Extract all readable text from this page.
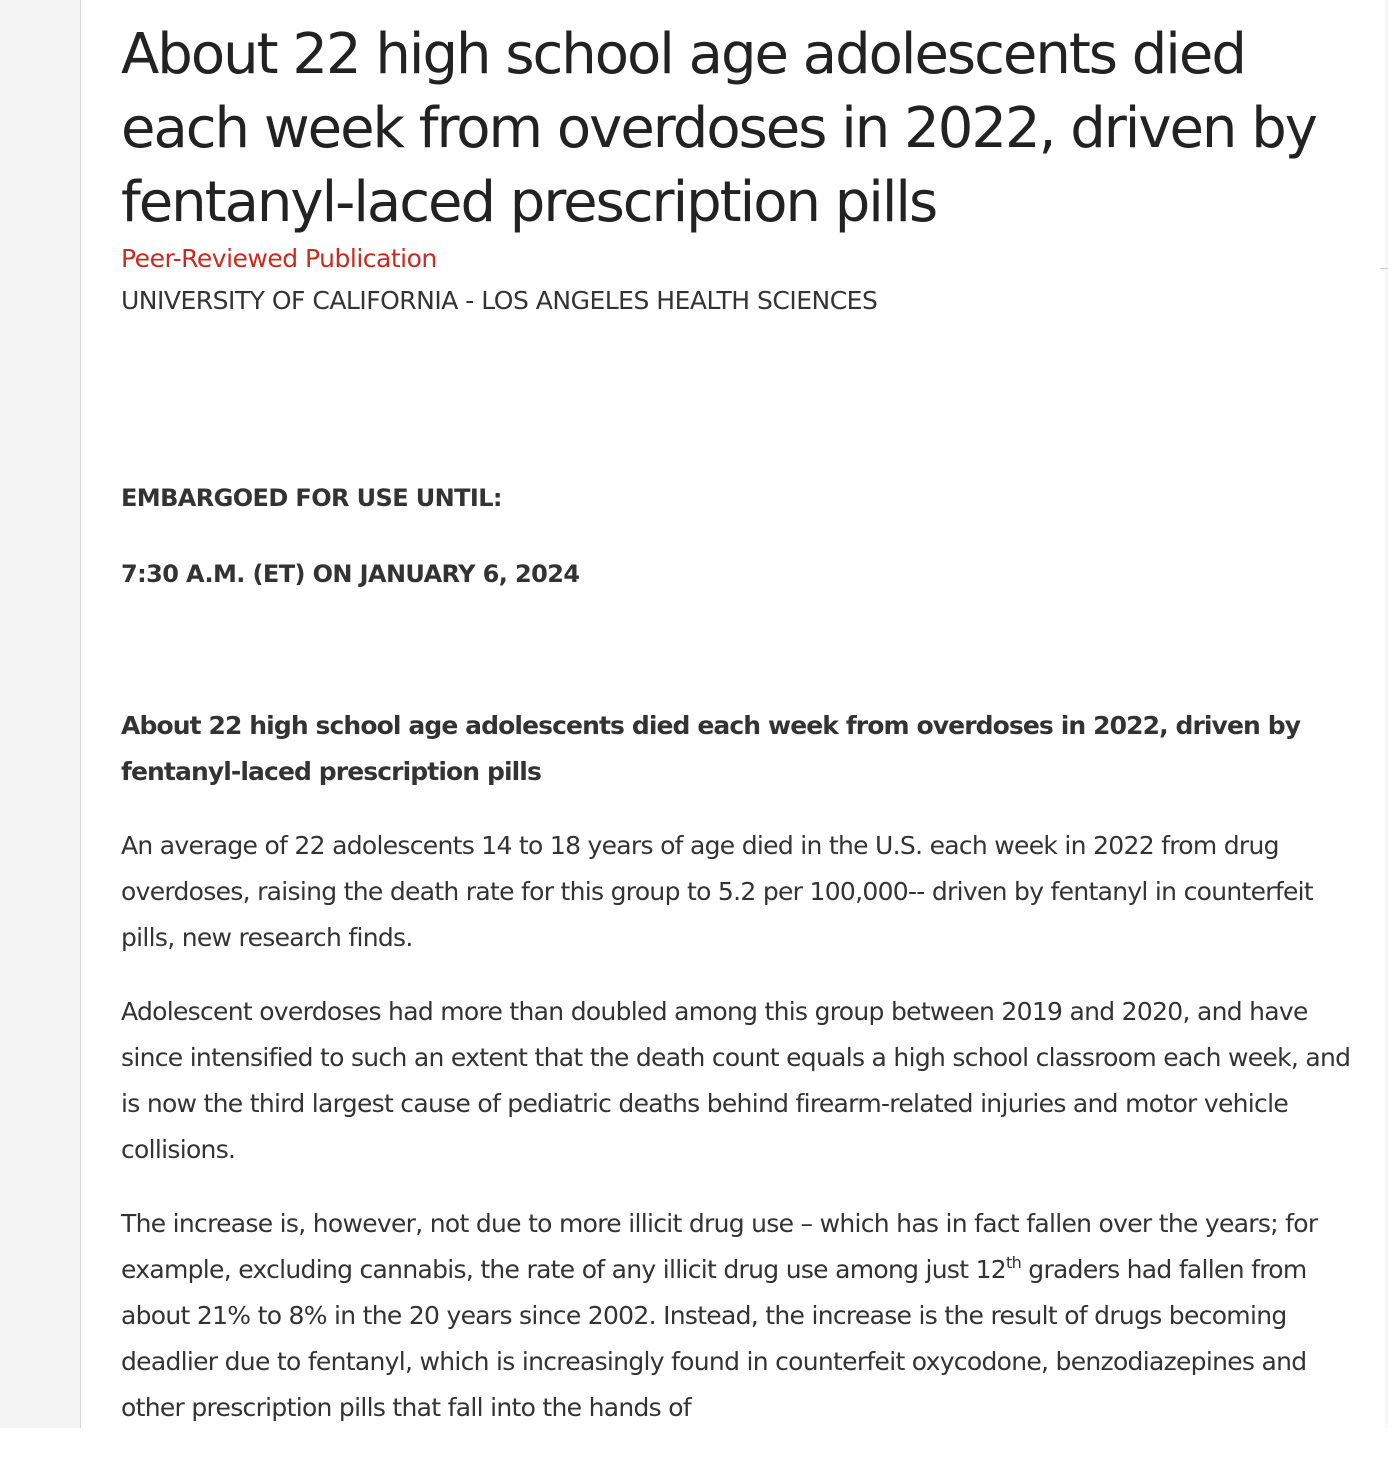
About 22 high school age adolescents died each week from overdoses in 2022, driven by fentanyl-laced prescription pills
Peer-Reviewed Publication
UNIVERSITY OF CALIFORNIA - LOS ANGELES HEALTH SCIENCES

EMBARGOED FOR USE UNTIL:

7:30 A.M. (ET) ON JANUARY 6, 2024

About 22 high school age adolescents died each week from overdoses in 2022, driven by fentanyl-laced prescription pills

An average of 22 adolescents 14 to 18 years of age died in the U.S. each week in 2022 from drug overdoses, raising the death rate for this group to 5.2 per 100,000-- driven by fentanyl in counterfeit pills, new research finds.

Adolescent overdoses had more than doubled among this group between 2019 and 2020, and have since intensified to such an extent that the death count equals a high school classroom each week, and is now the third largest cause of pediatric deaths behind firearm-related injuries and motor vehicle collisions.

The increase is, however, not due to more illicit drug use – which has in fact fallen over the years; for example, excluding cannabis, the rate of any illicit drug use among just 12th graders had fallen from about 21% to 8% in the 20 years since 2002. Instead, the increase is the result of drugs becoming deadlier due to fentanyl, which is increasingly found in counterfeit oxycodone, benzodiazepines and other prescription pills that fall into the hands of
